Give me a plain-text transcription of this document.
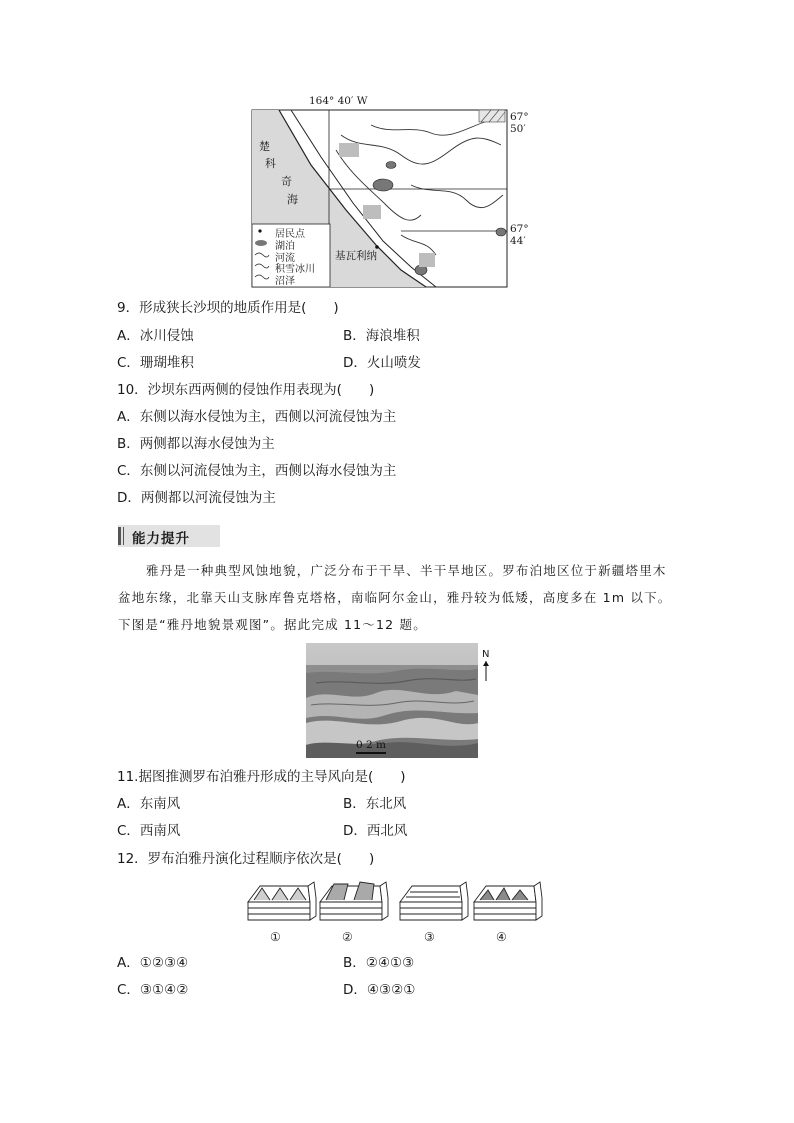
164° 40′ W
67° 50′
67° 44′
楚
科
奇
海
基瓦利纳
居民点
湖泊
河流
积雪冰川
沼泽
9．形成狭长沙坝的地质作用是(　　)
A．冰川侵蚀	B．海浪堆积
C．珊瑚堆积	D．火山喷发
10．沙坝东西两侧的侵蚀作用表现为(　　)
A．东侧以海水侵蚀为主，西侧以河流侵蚀为主
B．两侧都以海水侵蚀为主
C．东侧以河流侵蚀为主，西侧以海水侵蚀为主
D．两侧都以河流侵蚀为主
能力提升
雅丹是一种典型风蚀地貌，广泛分布于干旱、半干旱地区。罗布泊地区位于新疆塔里木
盆地东缘，北靠天山支脉库鲁克塔格，南临阿尔金山，雅丹较为低矮，高度多在 1m 以下。
下图是“雅丹地貌景观图”。据此完成 11～12 题。
N
0 2 m
11.据图推测罗布泊雅丹形成的主导风向是(　　)
A．东南风	B．东北风
C．西南风	D．西北风
12．罗布泊雅丹演化过程顺序依次是(　　)
①	②	③	④
A．①②③④	B．②④①③
C．③①④②	D．④③②①
